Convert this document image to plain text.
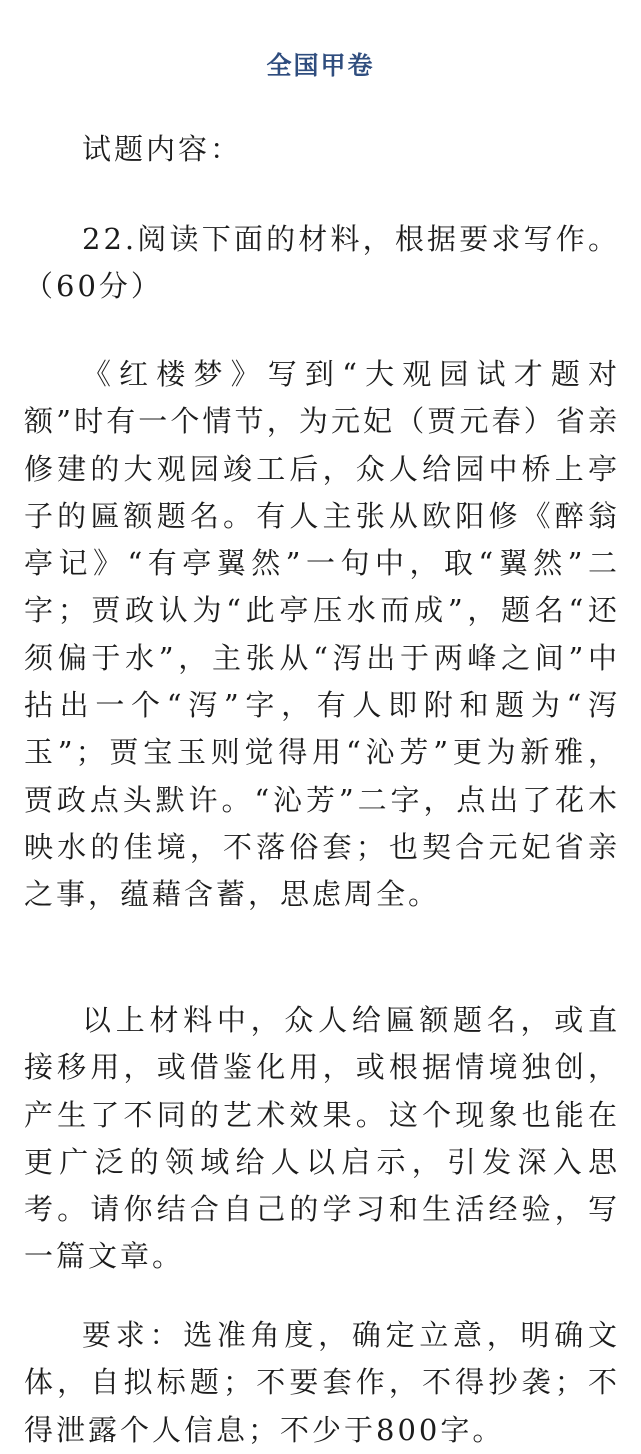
全国甲卷

试题内容：

22.阅读下面的材料，根据要求写作。（60分）

《红楼梦》写到“大观园试才题对额”时有一个情节，为元妃（贾元春）省亲修建的大观园竣工后，众人给园中桥上亭子的匾额题名。有人主张从欧阳修《醉翁亭记》“有亭翼然”一句中，取“翼然”二字；贾政认为“此亭压水而成”，题名“还须偏于水”，主张从“泻出于两峰之间”中拈出一个“泻”字，有人即附和题为“泻玉”；贾宝玉则觉得用“沁芳”更为新雅，贾政点头默许。“沁芳”二字，点出了花木映水的佳境，不落俗套；也契合元妃省亲之事，蕴藉含蓄，思虑周全。

以上材料中，众人给匾额题名，或直接移用，或借鉴化用，或根据情境独创，产生了不同的艺术效果。这个现象也能在更广泛的领域给人以启示，引发深入思考。请你结合自己的学习和生活经验，写一篇文章。

要求：选准角度，确定立意，明确文体，自拟标题；不要套作，不得抄袭；不得泄露个人信息；不少于800字。
